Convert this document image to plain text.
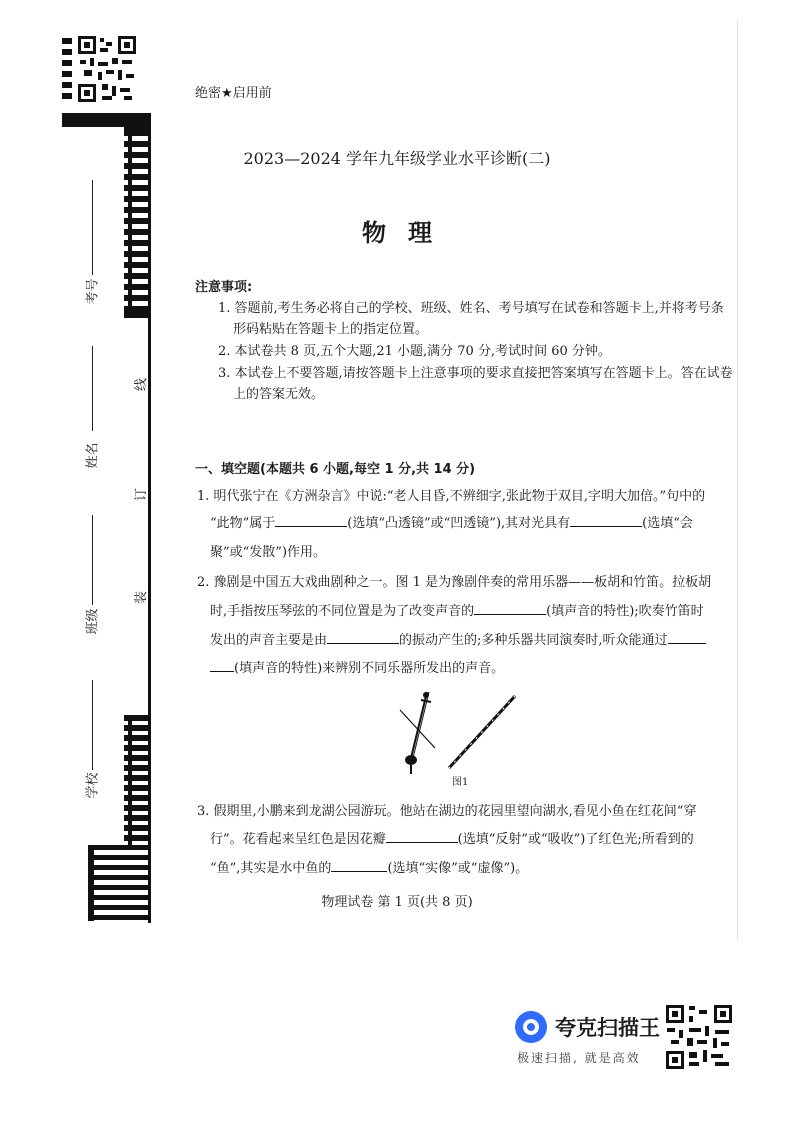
考号
姓名
班级
学校
线
订
装
绝密★启用前
2023—2024 学年九年级学业水平诊断(二)
物理
注意事项:
1. 答题前,考生务必将自己的学校、班级、姓名、考号填写在试卷和答题卡上,并将考号条
形码粘贴在答题卡上的指定位置。
2. 本试卷共 8 页,五个大题,21 小题,满分 70 分,考试时间 60 分钟。
3. 本试卷上不要答题,请按答题卡上注意事项的要求直接把答案填写在答题卡上。答在试卷
上的答案无效。
一、填空题(本题共 6 小题,每空 1 分,共 14 分)
1. 明代张宁在《方洲杂言》中说:“老人目昏,不辨细字,张此物于双目,字明大加倍。”句中的
“此物”属于	(选填“凸透镜”或“凹透镜”),其对光具有	(选填“会
聚”或“发散”)作用。
2. 豫剧是中国五大戏曲剧种之一。图 1 是为豫剧伴奏的常用乐器——板胡和竹笛。拉板胡
时,手指按压琴弦的不同位置是为了改变声音的	(填声音的特性);吹奏竹笛时
发出的声音主要是由	的振动产生的;多种乐器共同演奏时,听众能通过
(填声音的特性)来辨别不同乐器所发出的声音。
图1
3. 假期里,小鹏来到龙湖公园游玩。他站在湖边的花园里望向湖水,看见小鱼在红花间“穿
行”。花看起来呈红色是因花瓣	(选填“反射”或“吸收”)了红色光;所看到的
“鱼”,其实是水中鱼的	(选填“实像”或“虚像”)。
物理试卷 第 1 页(共 8 页)
夸克扫描王
极速扫描, 就是高效
